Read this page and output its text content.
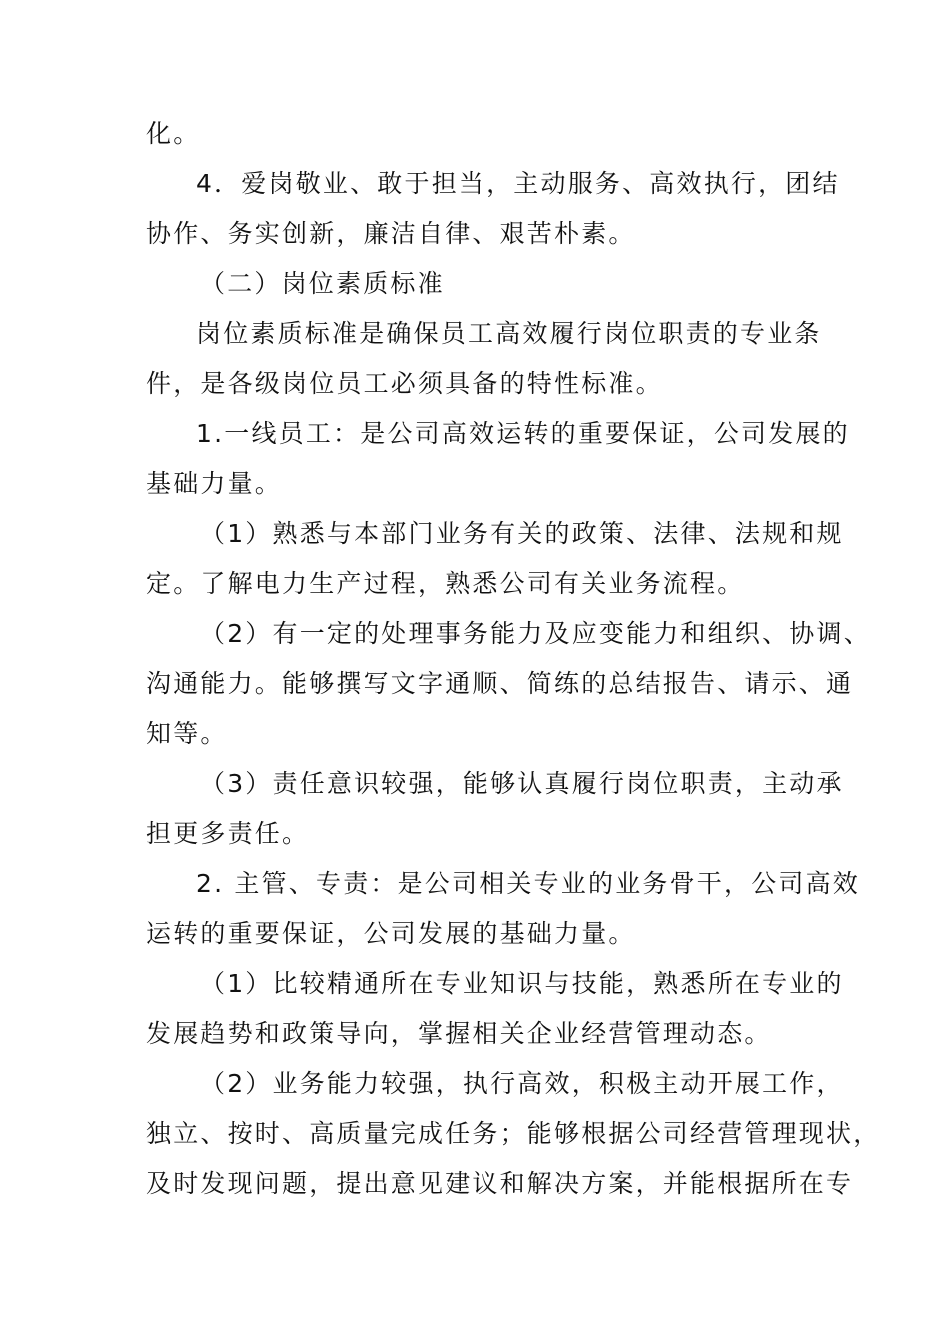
化。
4．爱岗敬业、敢于担当，主动服务、高效执行，团结
协作、务实创新，廉洁自律、艰苦朴素。
（二）岗位素质标准
岗位素质标准是确保员工高效履行岗位职责的专业条
件，是各级岗位员工必须具备的特性标准。
1.一线员工：是公司高效运转的重要保证，公司发展的
基础力量。
（1）熟悉与本部门业务有关的政策、法律、法规和规
定。了解电力生产过程，熟悉公司有关业务流程。
（2）有一定的处理事务能力及应变能力和组织、协调、
沟通能力。能够撰写文字通顺、简练的总结报告、请示、通
知等。
（3）责任意识较强，能够认真履行岗位职责，主动承
担更多责任。
2. 主管、专责：是公司相关专业的业务骨干，公司高效
运转的重要保证，公司发展的基础力量。
（1）比较精通所在专业知识与技能，熟悉所在专业的
发展趋势和政策导向，掌握相关企业经营管理动态。
（2）业务能力较强，执行高效，积极主动开展工作，
独立、按时、高质量完成任务；能够根据公司经营管理现状，
及时发现问题，提出意见建议和解决方案，并能根据所在专
